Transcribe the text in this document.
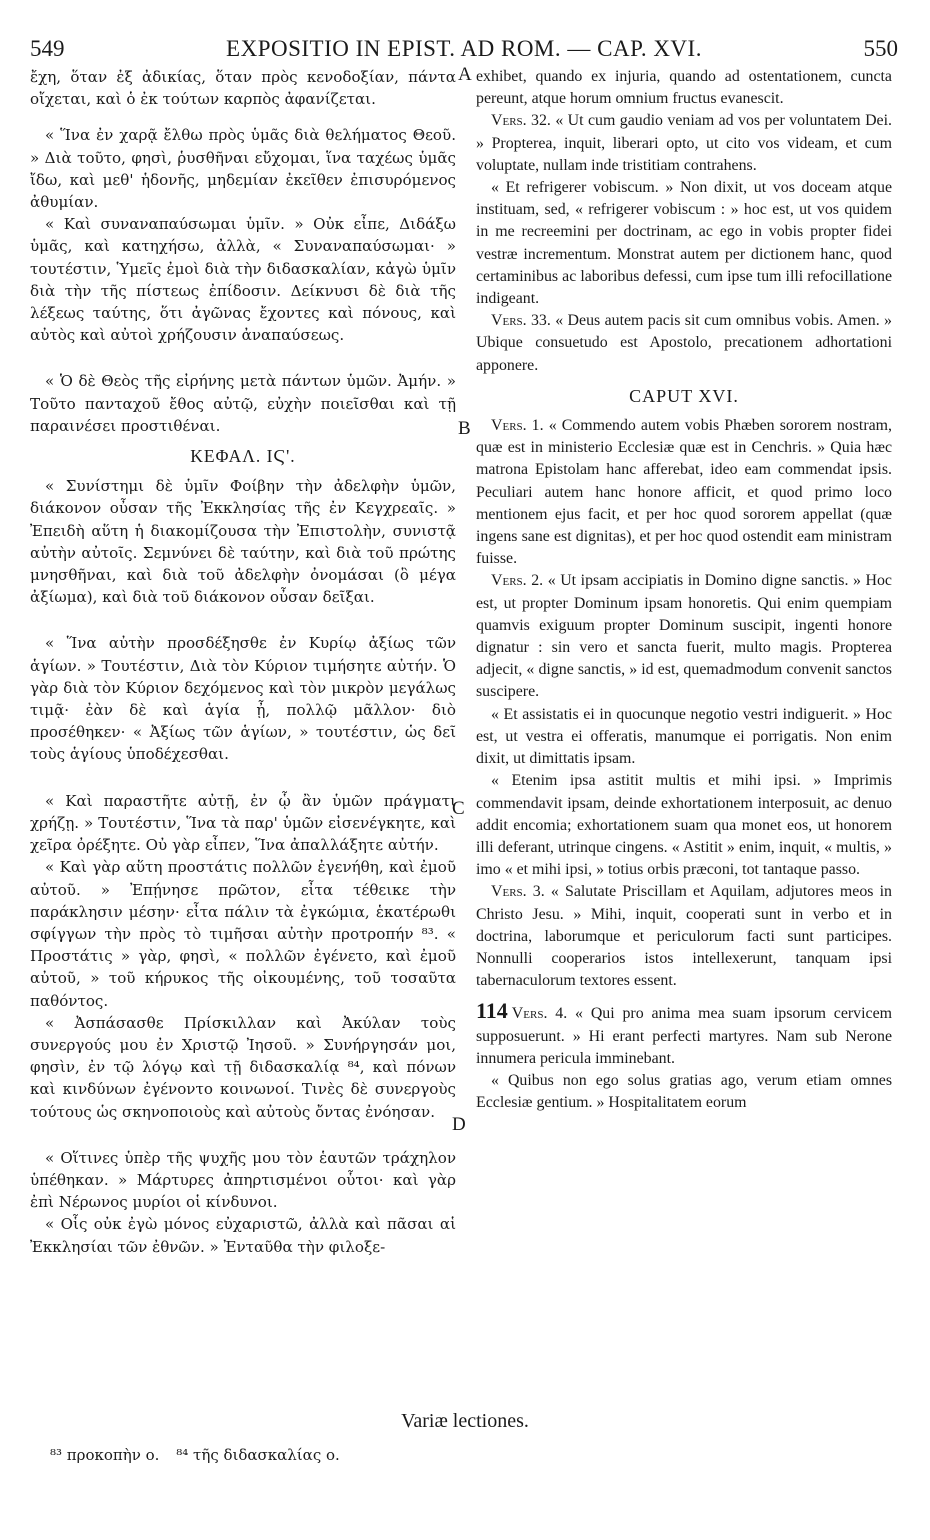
549	EXPOSITIO IN EPIST. AD ROM. — CAP. XVI.	550
A
B
C
D

ἔχη, ὅταν ἐξ ἀδικίας, ὅταν πρὸς κενοδοξίαν, πάντα οἴχεται, καὶ ὁ ἐκ τούτων καρπὸς ἀφανίζεται.

« Ἵνα ἐν χαρᾷ ἔλθω πρὸς ὑμᾶς διὰ θελήματος Θεοῦ. » Διὰ τοῦτο, φησὶ, ῥυσθῆναι εὔχομαι, ἵνα ταχέως ὑμᾶς ἴδω, καὶ μεθ' ἡδονῆς, μηδεμίαν ἐκεῖθεν ἐπισυρόμενος ἀθυμίαν.

« Καὶ συναναπαύσωμαι ὑμῖν. » Οὐκ εἶπε, Διδάξω ὑμᾶς, καὶ κατηχήσω, ἀλλὰ, « Συναναπαύσωμαι· » τουτέστιν, Ὑμεῖς ἐμοὶ διὰ τὴν διδασκαλίαν, κἀγὼ ὑμῖν διὰ τὴν τῆς πίστεως ἐπίδοσιν. Δείκνυσι δὲ διὰ τῆς λέξεως ταύτης, ὅτι ἀγῶνας ἔχοντες καὶ πόνους, καὶ αὐτὸς καὶ αὐτοὶ χρήζουσιν ἀναπαύσεως.

« Ὁ δὲ Θεὸς τῆς εἰρήνης μετὰ πάντων ὑμῶν. Ἀμήν. » Τοῦτο πανταχοῦ ἔθος αὐτῷ, εὐχὴν ποιεῖσθαι καὶ τῇ παραινέσει προστιθέναι.

ΚΕΦΑΛ. ΙϚ'.

« Συνίστημι δὲ ὑμῖν Φοίβην τὴν ἀδελφὴν ὑμῶν, διάκονον οὖσαν τῆς Ἐκκλησίας τῆς ἐν Κεγχρεαῖς. » Ἐπειδὴ αὕτη ἡ διακομίζουσα τὴν Ἐπιστολὴν, συνιστᾷ αὐτὴν αὐτοῖς. Σεμνύνει δὲ ταύτην, καὶ διὰ τοῦ πρώτης μνησθῆναι, καὶ διὰ τοῦ ἀδελφὴν ὀνομάσαι (ὃ μέγα ἀξίωμα), καὶ διὰ τοῦ διάκονον οὖσαν δεῖξαι.

« Ἵνα αὐτὴν προσδέξησθε ἐν Κυρίῳ ἀξίως τῶν ἁγίων. » Τουτέστιν, Διὰ τὸν Κύριον τιμήσητε αὐτήν. Ὁ γὰρ διὰ τὸν Κύριον δεχόμενος καὶ τὸν μικρὸν μεγάλως τιμᾷ· ἐὰν δὲ καὶ ἁγία ᾖ, πολλῷ μᾶλλον· διὸ προσέθηκεν· « Ἀξίως τῶν ἁγίων, » τουτέστιν, ὡς δεῖ τοὺς ἁγίους ὑποδέχεσθαι.

« Καὶ παραστῆτε αὐτῇ, ἐν ᾧ ἂν ὑμῶν πράγματι χρήζῃ. » Τουτέστιν, Ἵνα τὰ παρ' ὑμῶν εἰσενέγκητε, καὶ χεῖρα ὀρέξητε. Οὐ γὰρ εἶπεν, Ἵνα ἀπαλλάξητε αὐτήν.

« Καὶ γὰρ αὕτη προστάτις πολλῶν ἐγενήθη, καὶ ἐμοῦ αὐτοῦ. » Ἐπῄνησε πρῶτον, εἶτα τέθεικε τὴν παράκλησιν μέσην· εἶτα πάλιν τὰ ἐγκώμια, ἑκατέρωθι σφίγγων τὴν πρὸς τὸ τιμῆσαι αὐτὴν προτροπήν ⁸³. « Προστάτις » γὰρ, φησὶ, « πολλῶν ἐγένετο, καὶ ἐμοῦ αὐτοῦ, » τοῦ κήρυκος τῆς οἰκουμένης, τοῦ τοσαῦτα παθόντος.

« Ἀσπάσασθε Πρίσκιλλαν καὶ Ἀκύλαν τοὺς συνεργούς μου ἐν Χριστῷ Ἰησοῦ. » Συνήργησάν μοι, φησὶν, ἐν τῷ λόγῳ καὶ τῇ διδασκαλίᾳ ⁸⁴, καὶ πόνων καὶ κινδύνων ἐγένοντο κοινωνοί. Τινὲς δὲ συνεργοὺς τούτους ὡς σκηνοποιοὺς καὶ αὐτοὺς ὄντας ἐνόησαν.

« Οἵτινες ὑπὲρ τῆς ψυχῆς μου τὸν ἑαυτῶν τράχηλον ὑπέθηκαν. » Μάρτυρες ἀπηρτισμένοι οὗτοι· καὶ γὰρ ἐπὶ Νέρωνος μυρίοι οἱ κίνδυνοι.

« Οἷς οὐκ ἐγὼ μόνος εὐχαριστῶ, ἀλλὰ καὶ πᾶσαι αἱ Ἐκκλησίαι τῶν ἐθνῶν. » Ἐνταῦθα τὴν φιλοξε-

exhibet, quando ex injuria, quando ad ostentationem, cuncta pereunt, atque horum omnium fructus evanescit.

Vers. 32. « Ut cum gaudio veniam ad vos per voluntatem Dei. » Propterea, inquit, liberari opto, ut cito vos videam, et cum voluptate, nullam inde tristitiam contrahens.

« Et refrigerer vobiscum. » Non dixit, ut vos doceam atque instituam, sed, « refrigerer vobiscum : » hoc est, ut vos quidem in me recreemini per doctrinam, ac ego in vobis propter fidei vestræ incrementum. Monstrat autem per dictionem hanc, quod certaminibus ac laboribus defessi, cum ipse tum illi refocillatione indigeant.

Vers. 33. « Deus autem pacis sit cum omnibus vobis. Amen. » Ubique consuetudo est Apostolo, precationem adhortationi apponere.

CAPUT XVI.

Vers. 1. « Commendo autem vobis Phæben sororem nostram, quæ est in ministerio Ecclesiæ quæ est in Cenchris. » Quia hæc matrona Epistolam hanc afferebat, ideo eam commendat ipsis. Peculiari autem hanc honore afficit, et quod primo loco mentionem ejus facit, et per hoc quod sororem appellat (quæ ingens sane est dignitas), et per hoc quod ostendit eam ministram fuisse.

Vers. 2. « Ut ipsam accipiatis in Domino digne sanctis. » Hoc est, ut propter Dominum ipsam honoretis. Qui enim quempiam quamvis exiguum propter Dominum suscipit, ingenti honore dignatur : sin vero et sancta fuerit, multo magis. Propterea adjecit, « digne sanctis, » id est, quemadmodum convenit sanctos suscipere.

« Et assistatis ei in quocunque negotio vestri indiguerit. » Hoc est, ut vestra ei offeratis, manumque ei porrigatis. Non enim dixit, ut dimittatis ipsam.

« Etenim ipsa astitit multis et mihi ipsi. » Imprimis commendavit ipsam, deinde exhortationem interposuit, ac denuo addit encomia; exhortationem suam qua monet eos, ut honorem illi deferant, utrinque cingens. « Astitit » enim, inquit, « multis, » imo « et mihi ipsi, » totius orbis præconi, tot tantaque passo.

Vers. 3. « Salutate Priscillam et Aquilam, adjutores meos in Christo Jesu. » Mihi, inquit, cooperati sunt in verbo et in doctrina, laborumque et periculorum facti sunt participes. Nonnulli cooperarios istos intellexerunt, tanquam ipsi tabernaculorum textores essent.

114 Vers. 4. « Qui pro anima mea suam ipsorum cervicem supposuerunt. » Hi erant perfecti martyres. Nam sub Nerone innumera pericula imminebant.

« Quibus non ego solus gratias ago, verum etiam omnes Ecclesiæ gentium. » Hospitalitatem eorum

Variæ lectiones.
⁸³ προκοπὴν ο. ⁸⁴ τῆς διδασκαλίας ο.
